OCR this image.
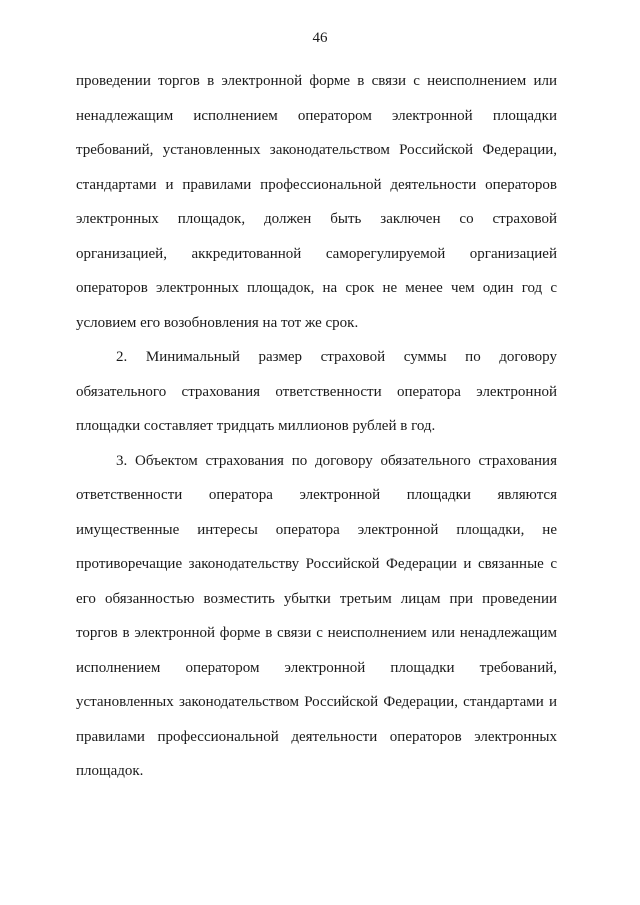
46
проведении торгов в электронной форме в связи с неисполнением или
ненадлежащим исполнением оператором электронной площадки
требований, установленных законодательством Российской Федерации,
стандартами и правилами профессиональной деятельности операторов
электронных площадок, должен быть заключен со страховой
организацией, аккредитованной саморегулируемой организацией
операторов электронных площадок, на срок не менее чем один год с
условием его возобновления на тот же срок.
2. Минимальный размер страховой суммы по договору
обязательного страхования ответственности оператора электронной
площадки составляет тридцать миллионов рублей в год.
3. Объектом страхования по договору обязательного страхования
ответственности оператора электронной площадки являются
имущественные интересы оператора электронной площадки, не
противоречащие законодательству Российской Федерации и связанные с
его обязанностью возместить убытки третьим лицам при проведении
торгов в электронной форме в связи с неисполнением или ненадлежащим
исполнением оператором электронной площадки требований,
установленных законодательством Российской Федерации, стандартами и
правилами профессиональной деятельности операторов электронных
площадок.
